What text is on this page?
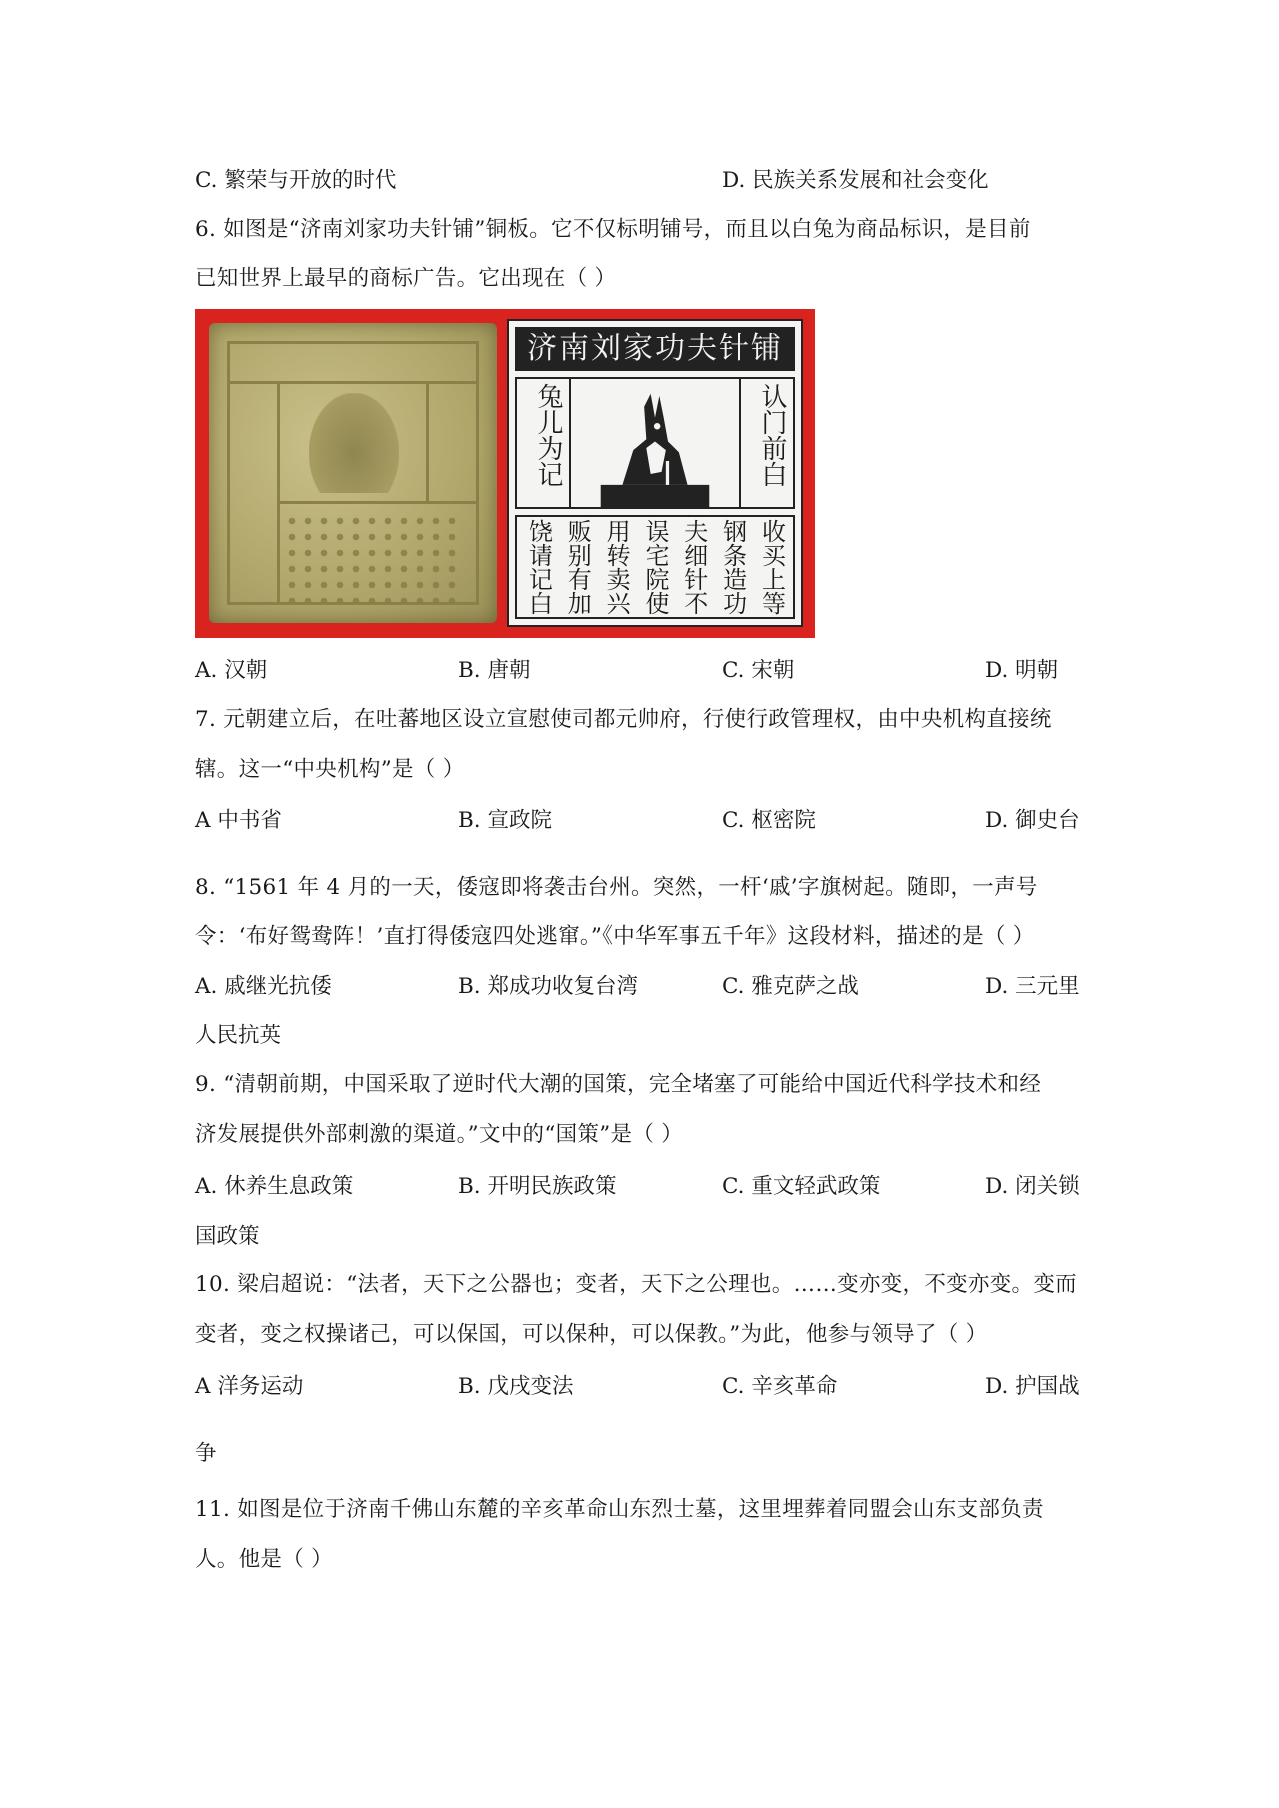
C. 繁荣与开放的时代	D. 民族关系发展和社会变化
6. 如图是“济南刘家功夫针铺”铜板。它不仅标明铺号，而且以白兔为商品标识，是目前
已知世界上最早的商标广告。它出现在（ ）
济南刘家功夫针铺
兔儿为记	认门前白
收买上等
钢条造功
夫细针不
误宅院使
用转卖兴
贩别有加
饶请记白
A. 汉朝	B. 唐朝	C. 宋朝	D. 明朝
7. 元朝建立后，在吐蕃地区设立宣慰使司都元帅府，行使行政管理权，由中央机构直接统
辖。这一“中央机构”是（ ）
A 中书省	B. 宣政院	C. 枢密院	D. 御史台
8. “1561 年 4 月的一天，倭寇即将袭击台州。突然，一杆‘戚’字旗树起。随即，一声号
令：‘布好鸳鸯阵！’直打得倭寇四处逃窜。”《中华军事五千年》这段材料，描述的是（ ）
A. 戚继光抗倭	B. 郑成功收复台湾	C. 雅克萨之战	D. 三元里
人民抗英
9. “清朝前期，中国采取了逆时代大潮的国策，完全堵塞了可能给中国近代科学技术和经
济发展提供外部刺激的渠道。”文中的“国策”是（ ）
A. 休养生息政策	B. 开明民族政策	C. 重文轻武政策	D. 闭关锁
国政策
10. 梁启超说：“法者，天下之公器也；变者，天下之公理也。……变亦变，不变亦变。变而
变者，变之权操诸己，可以保国，可以保种，可以保教。”为此，他参与领导了（ ）
A 洋务运动	B. 戊戌变法	C. 辛亥革命	D. 护国战
争
11. 如图是位于济南千佛山东麓的辛亥革命山东烈士墓，这里埋葬着同盟会山东支部负责
人。他是（ ）
